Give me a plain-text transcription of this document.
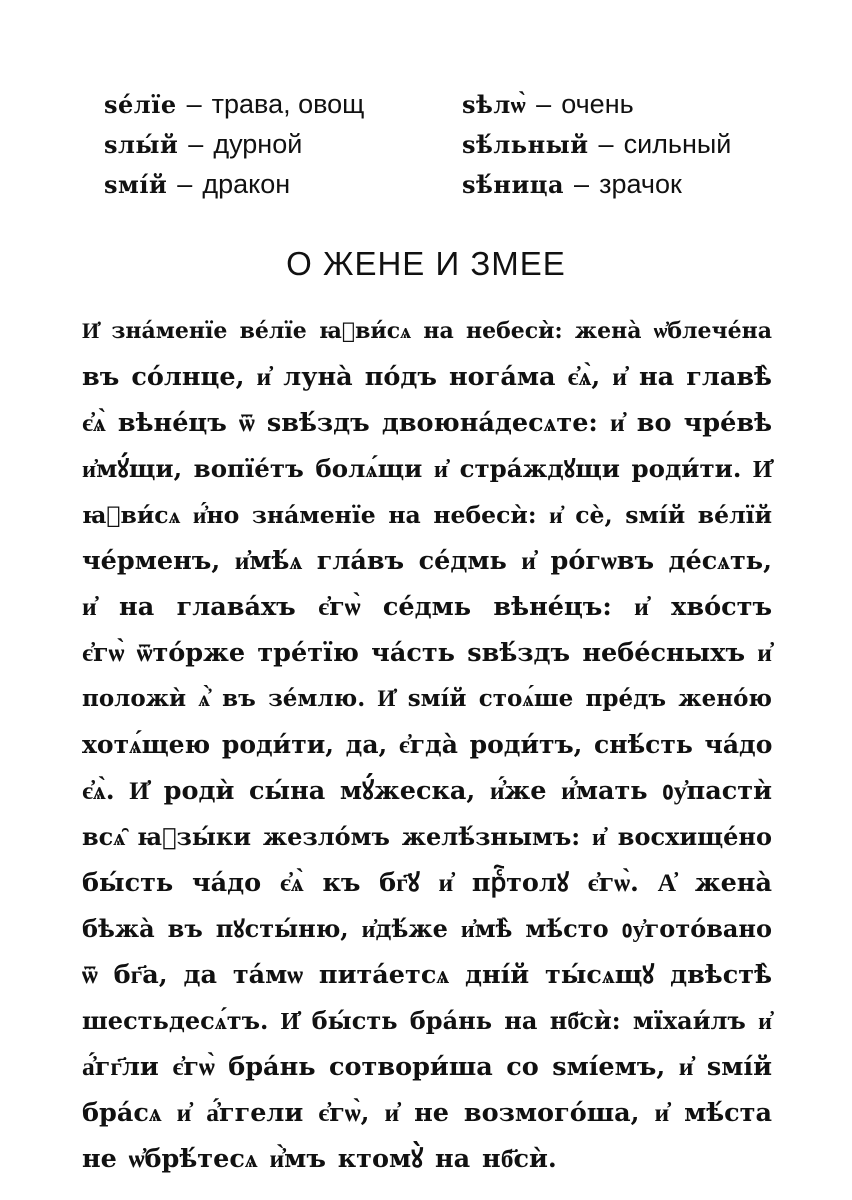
ѕе́лїе – трава, овощ
ѕлы́й – дурной
ѕмі́й – дракон
ѕѣлѡ̀ – очень
ѕѣ́льный – сильный
ѕѣ́ница – зрачок
О ЖЕНЕ И ЗМЕЕ
И҆ зна́менїе ве́лїе ꙗ҆ви́сѧ на небесѝ: жена̀ ѡ҆блече́на
въ со́лнце, и҆ луна̀ по́дъ нога́ма є҆ѧ̀, и҆ на главѣ̀
є҆ѧ̀ вѣне́цъ ѿ ѕвѣ́здъ двоюна́десѧте: и҆ во чре́вѣ
и҆мꙋ́щи, вопїе́тъ болѧ́щи и҆ стра́ждꙋщи роди́ти. И҆
ꙗ҆ви́сѧ и҆́но зна́менїе на небесѝ: и҆ сѐ, ѕмі́й ве́лїй
че́рменъ, и҆мѣ́ѧ гла́въ се́дмь и҆ ро́гѡвъ де́сѧть,
и҆ на глава́хъ є҆гѡ̀ се́дмь вѣне́цъ: и҆ хво́стъ
є҆гѡ̀ ѿто́рже тре́тїю ча́сть ѕвѣ́здъ небе́сныхъ и҆
положѝ ѧ҆̀ въ зе́млю. И҆ ѕмі́й стоѧ́ше пре́дъ жено́ю
хотѧ́щею роди́ти, да, є҆гда̀ роди́тъ, снѣ́сть ча́до
є҆ѧ̀. И҆ родѝ сы́на мꙋ́жеска, и҆́же и҆́мать ᲂу҆пастѝ
всѧ̑ ꙗ҆зы́ки жезло́мъ желѣ́знымъ: и҆ восхище́но
бы́сть ча́до є҆ѧ̀ къ бг҃ꙋ и҆ прⷭ҇толꙋ є҆гѡ̀. А҆ жена̀
бѣжа̀ въ пꙋсты́ню, и҆дѣ́же и҆мѣ̀ мѣ́сто ᲂу҆гото́вано
ѿ бг҃а, да та́мѡ пита́етсѧ дні́й ты́сѧщꙋ двѣстѣ̀
шестьдесѧ́тъ. И҆ бы́сть бра́нь на нб҃сѝ: мїхаи́лъ и҆
а҆́гг҃ли є҆гѡ̀ бра́нь сотвори́ша со ѕмі́емъ, и҆ ѕмі́й
бра́сѧ и҆ а҆́ггели є҆гѡ̀, и҆ не возмого́ша, и҆ мѣ́ста
не ѡ҆брѣ́тесѧ и҆̀мъ ктомꙋ̀ на нб҃сѝ.
